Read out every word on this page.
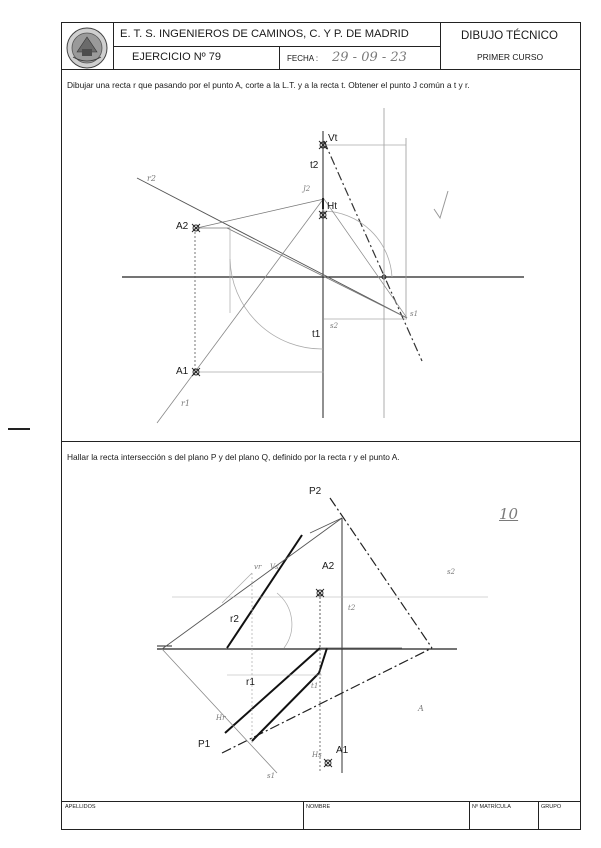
E. T. S. INGENIEROS DE CAMINOS, C. Y P. DE MADRID	DIBUJO TÉCNICO
PRIMER CURSO
EJERCICIO Nº 79	FECHA : 29 - 09 - 23
Dibujar una recta r que pasando por el punto A, corte a la L.T. y a la recta t. Obtener el punto J común a t y r.
Vt
t2
Ht
A2
A1
t1
r1
r2
J2
s2
s1
Hallar la recta intersección s del plano P y del plano Q, definido por la recta r y el punto A.
P2
P1
A2
A1
r2
r1
Hr
s2
s1
t2
t1
vr Vs
Hs
A
10
APELLIDOS	NOMBRE	Nº MATRÍCULA	GRUPO
